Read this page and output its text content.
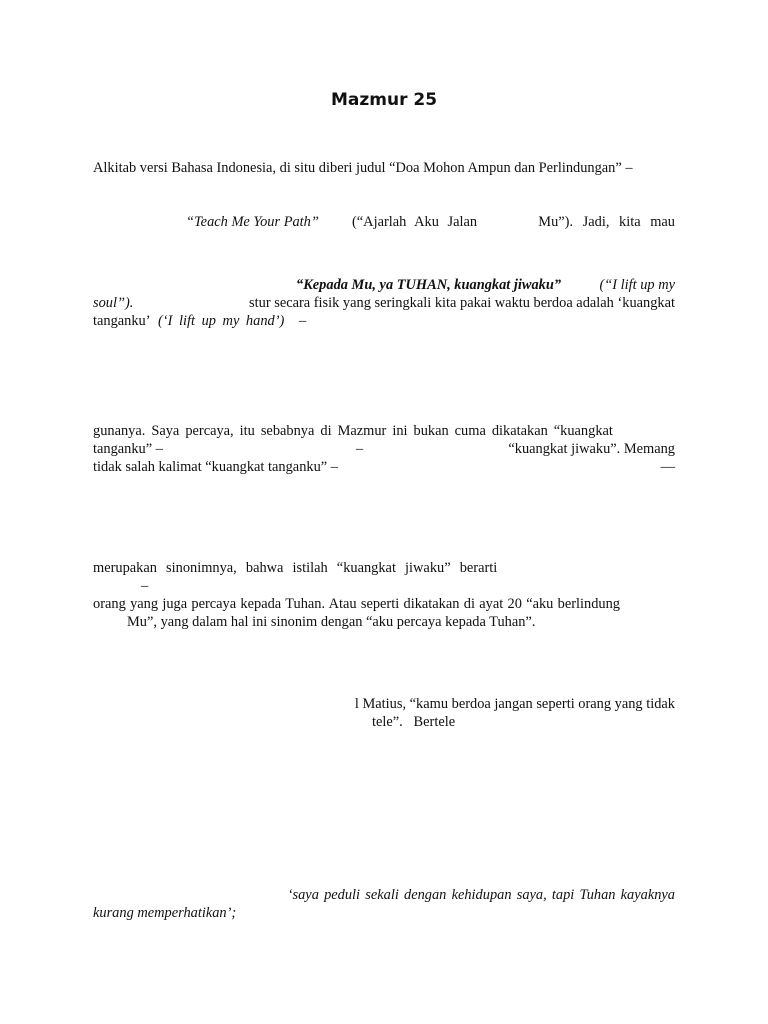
Mazmur 25
Alkitab versi Bahasa Indonesia, di situ diberi judul “Doa Mohon Ampun dan Perlindungan” –
“Teach Me Your Path” (“Ajarlah Aku Jalan	Mu”). Jadi, kita mau
“Kepada Mu, ya TUHAN, kuangkat jiwaku”	(“I lift up my
soul”).	stur secara fisik yang seringkali kita pakai waktu berdoa adalah ‘kuangkat
tanganku’ (‘I lift up my hand’) –
gunanya. Saya percaya, itu sebabnya di Mazmur ini bukan cuma dikatakan “kuangkat
tanganku” –	–	“kuangkat jiwaku”. Memang
tidak salah kalimat “kuangkat tanganku” –	—
merupakan sinonimnya, bahwa istilah “kuangkat jiwaku” berarti
–
orang yang juga percaya kepada Tuhan. Atau seperti dikatakan di ayat 20 “aku berlindung
Mu”, yang dalam hal ini sinonim dengan “aku percaya kepada Tuhan”.
l Matius, “kamu berdoa jangan seperti orang yang tidak
tele”.   Bertele
‘saya peduli sekali dengan kehidupan saya, tapi Tuhan kayaknya
kurang memperhatikan’;
